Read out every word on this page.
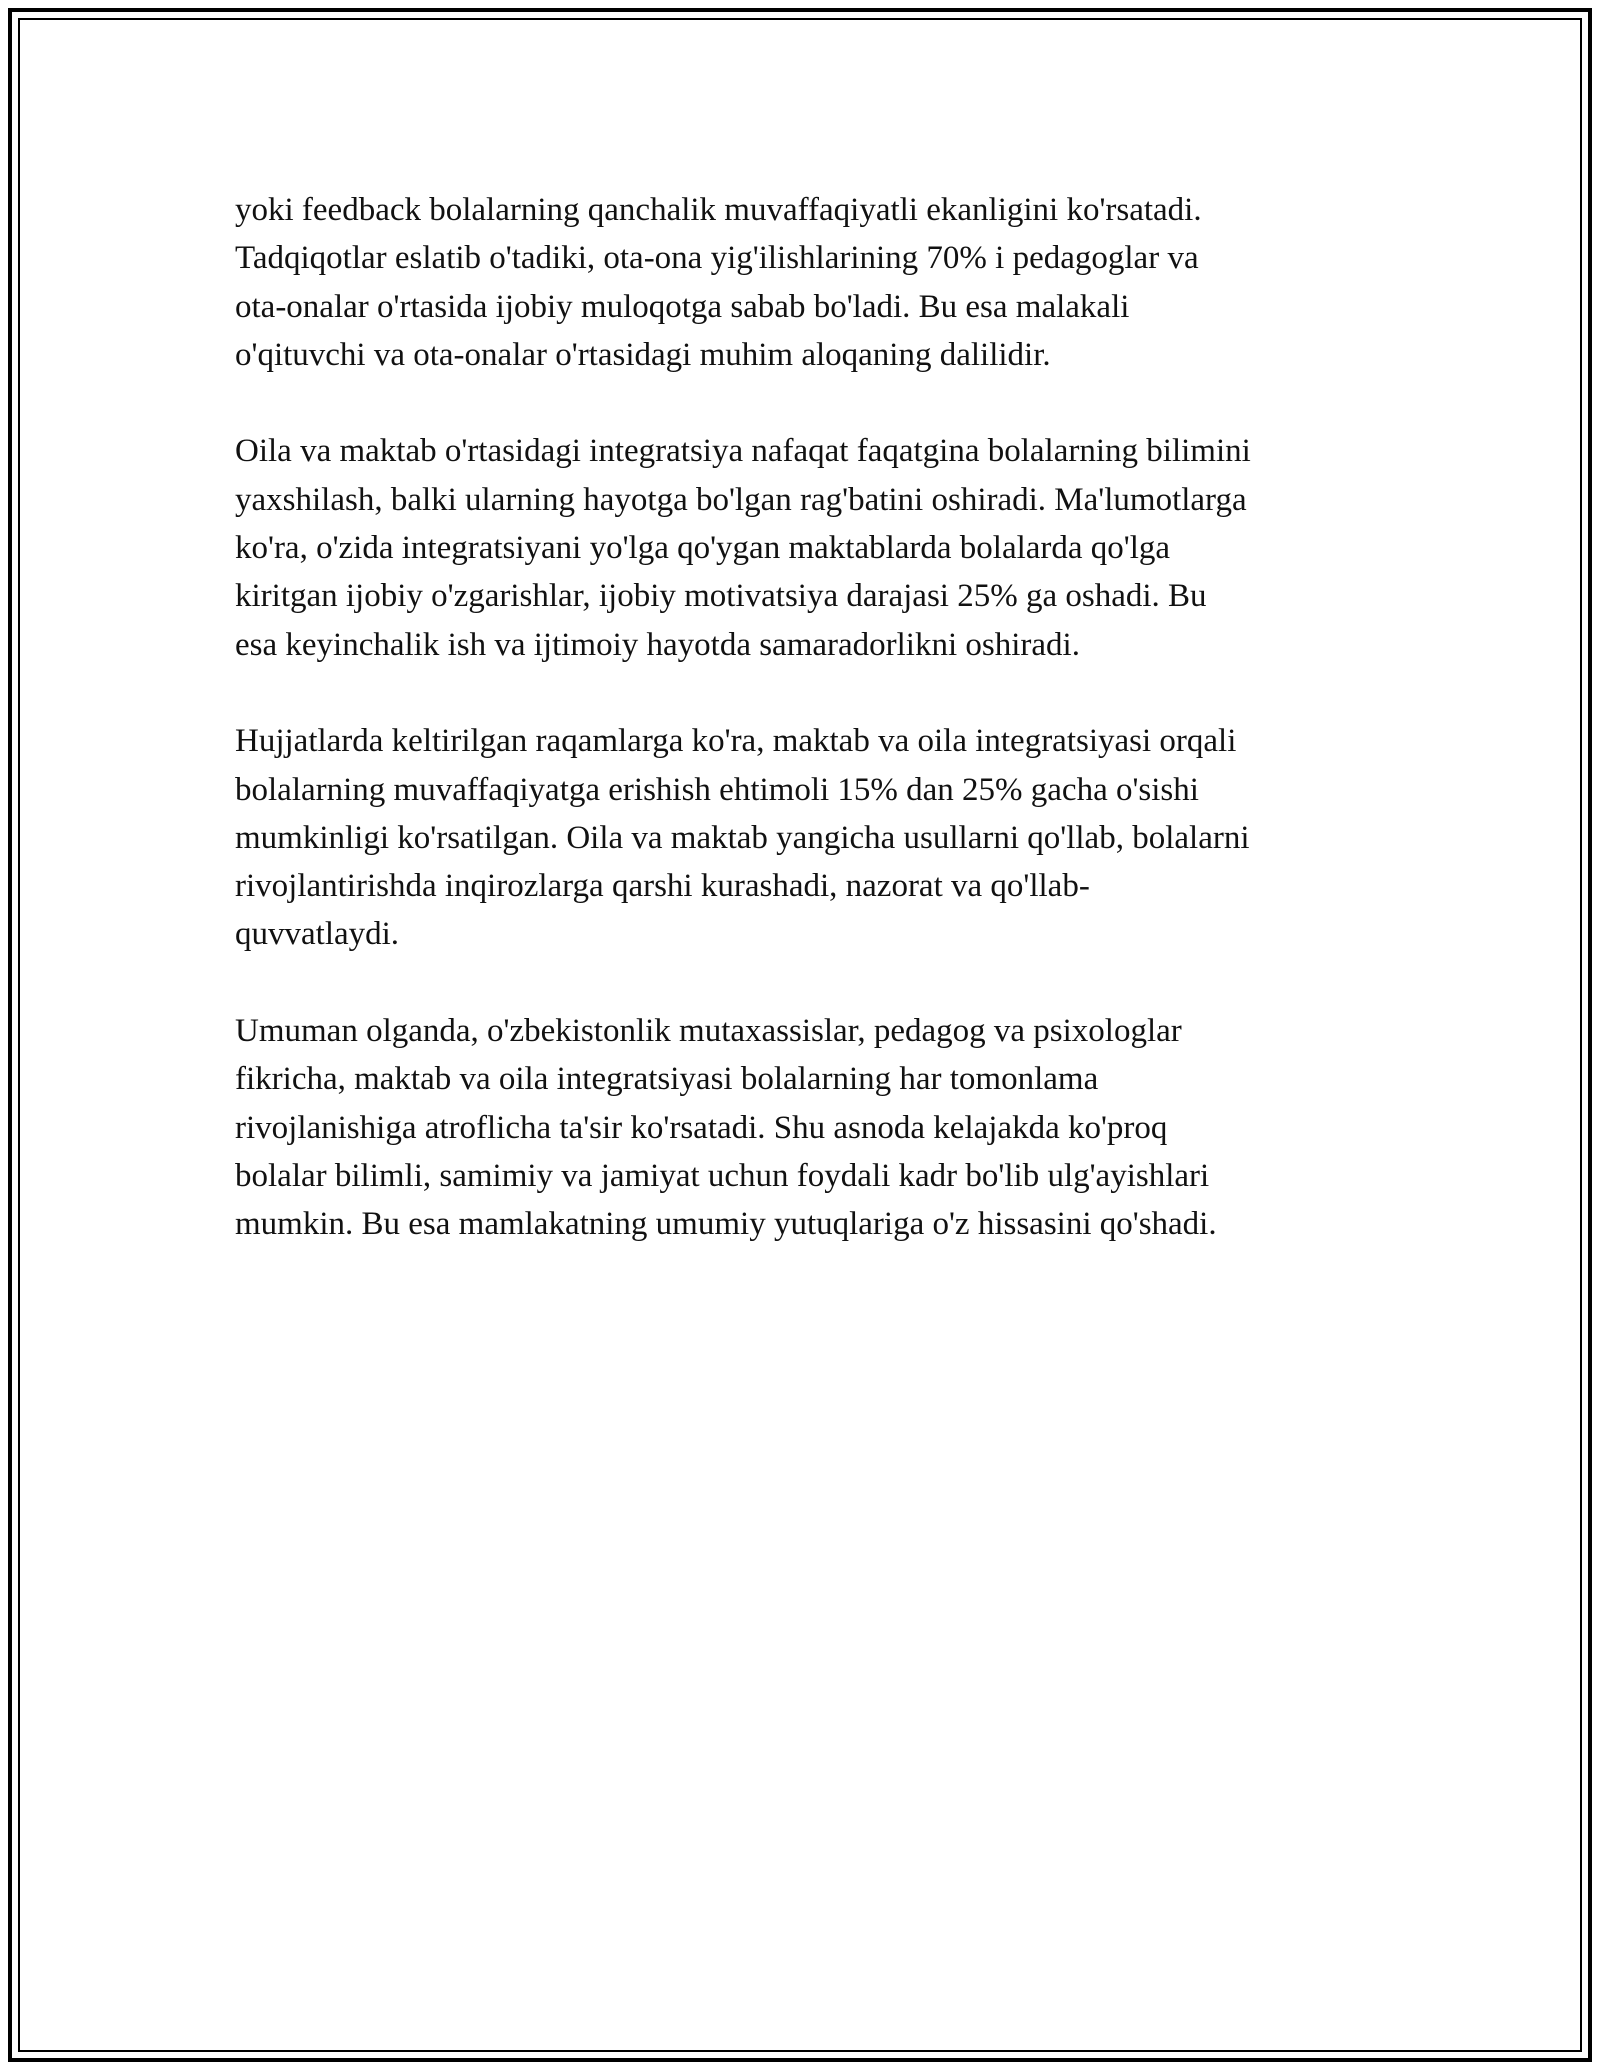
yoki feedback bolalarning qanchalik muvaffaqiyatli ekanligini ko'rsatadi.
Tadqiqotlar eslatib o'tadiki, ota-ona yig'ilishlarining 70% i pedagoglar va
ota-onalar o'rtasida ijobiy muloqotga sabab bo'ladi. Bu esa malakali
o'qituvchi va ota-onalar o'rtasidagi muhim aloqaning dalilidir.

Oila va maktab o'rtasidagi integratsiya nafaqat faqatgina bolalarning bilimini
yaxshilash, balki ularning hayotga bo'lgan rag'batini oshiradi. Ma'lumotlarga
ko'ra, o'zida integratsiyani yo'lga qo'ygan maktablarda bolalarda qo'lga
kiritgan ijobiy o'zgarishlar, ijobiy motivatsiya darajasi 25% ga oshadi. Bu
esa keyinchalik ish va ijtimoiy hayotda samaradorlikni oshiradi.

Hujjatlarda keltirilgan raqamlarga ko'ra, maktab va oila integratsiyasi orqali
bolalarning muvaffaqiyatga erishish ehtimoli 15% dan 25% gacha o'sishi
mumkinligi ko'rsatilgan. Oila va maktab yangicha usullarni qo'llab, bolalarni
rivojlantirishda inqirozlarga qarshi kurashadi, nazorat va qo'llab-
quvvatlaydi.

Umuman olganda, o'zbekistonlik mutaxassislar, pedagog va psixologlar
fikricha, maktab va oila integratsiyasi bolalarning har tomonlama
rivojlanishiga atroflicha ta'sir ko'rsatadi. Shu asnoda kelajakda ko'proq
bolalar bilimli, samimiy va jamiyat uchun foydali kadr bo'lib ulg'ayishlari
mumkin. Bu esa mamlakatning umumiy yutuqlariga o'z hissasini qo'shadi.
